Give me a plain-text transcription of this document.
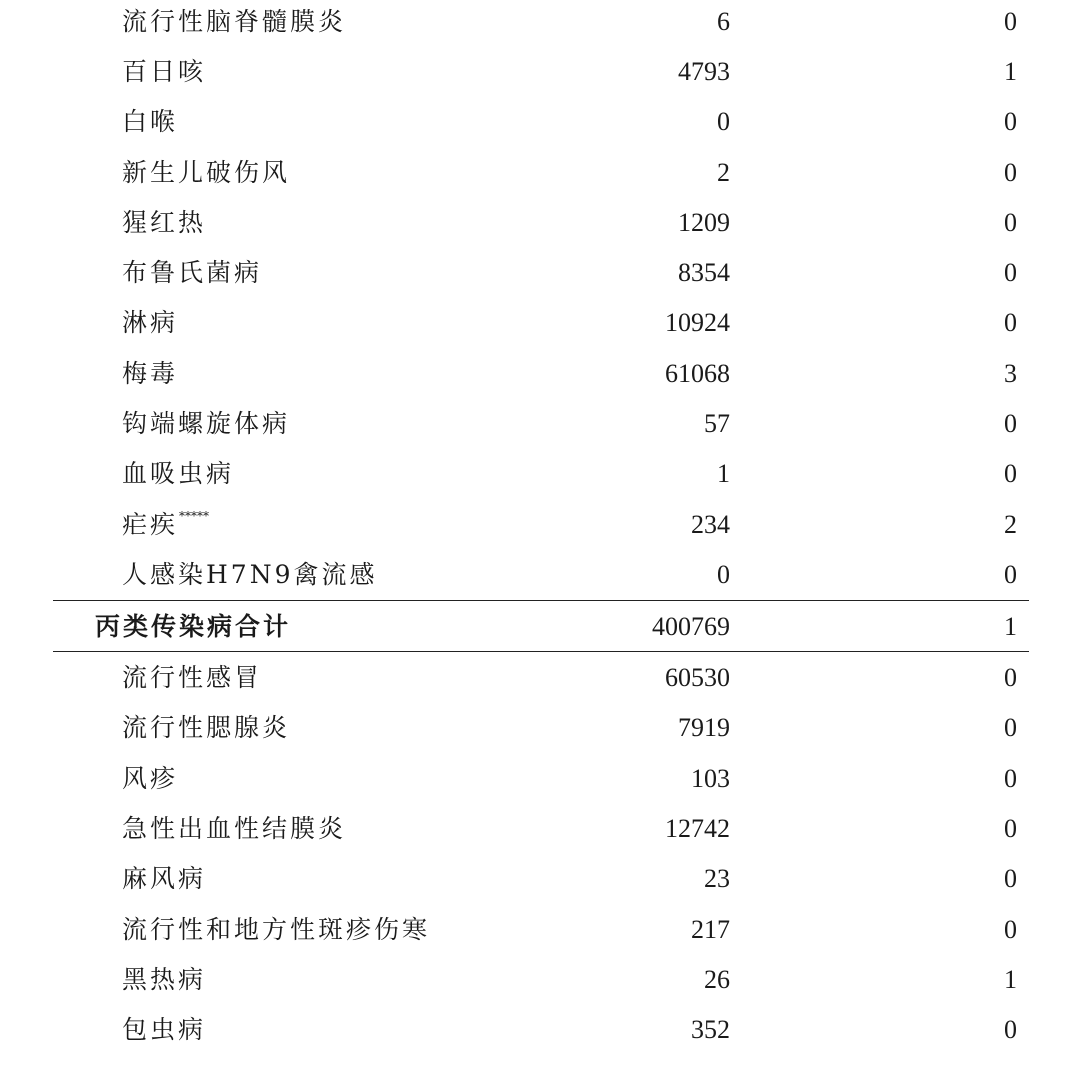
流行性脑脊髓膜炎	6	0
百日咳	4793	1
白喉	0	0
新生儿破伤风	2	0
猩红热	1209	0
布鲁氏菌病	8354	0
淋病	10924	0
梅毒	61068	3
钩端螺旋体病	57	0
血吸虫病	1	0
疟疾*****	234	2
人感染H7N9禽流感	0	0
丙类传染病合计	400769	1
流行性感冒	60530	0
流行性腮腺炎	7919	0
风疹	103	0
急性出血性结膜炎	12742	0
麻风病	23	0
流行性和地方性斑疹伤寒	217	0
黑热病	26	1
包虫病	352	0
